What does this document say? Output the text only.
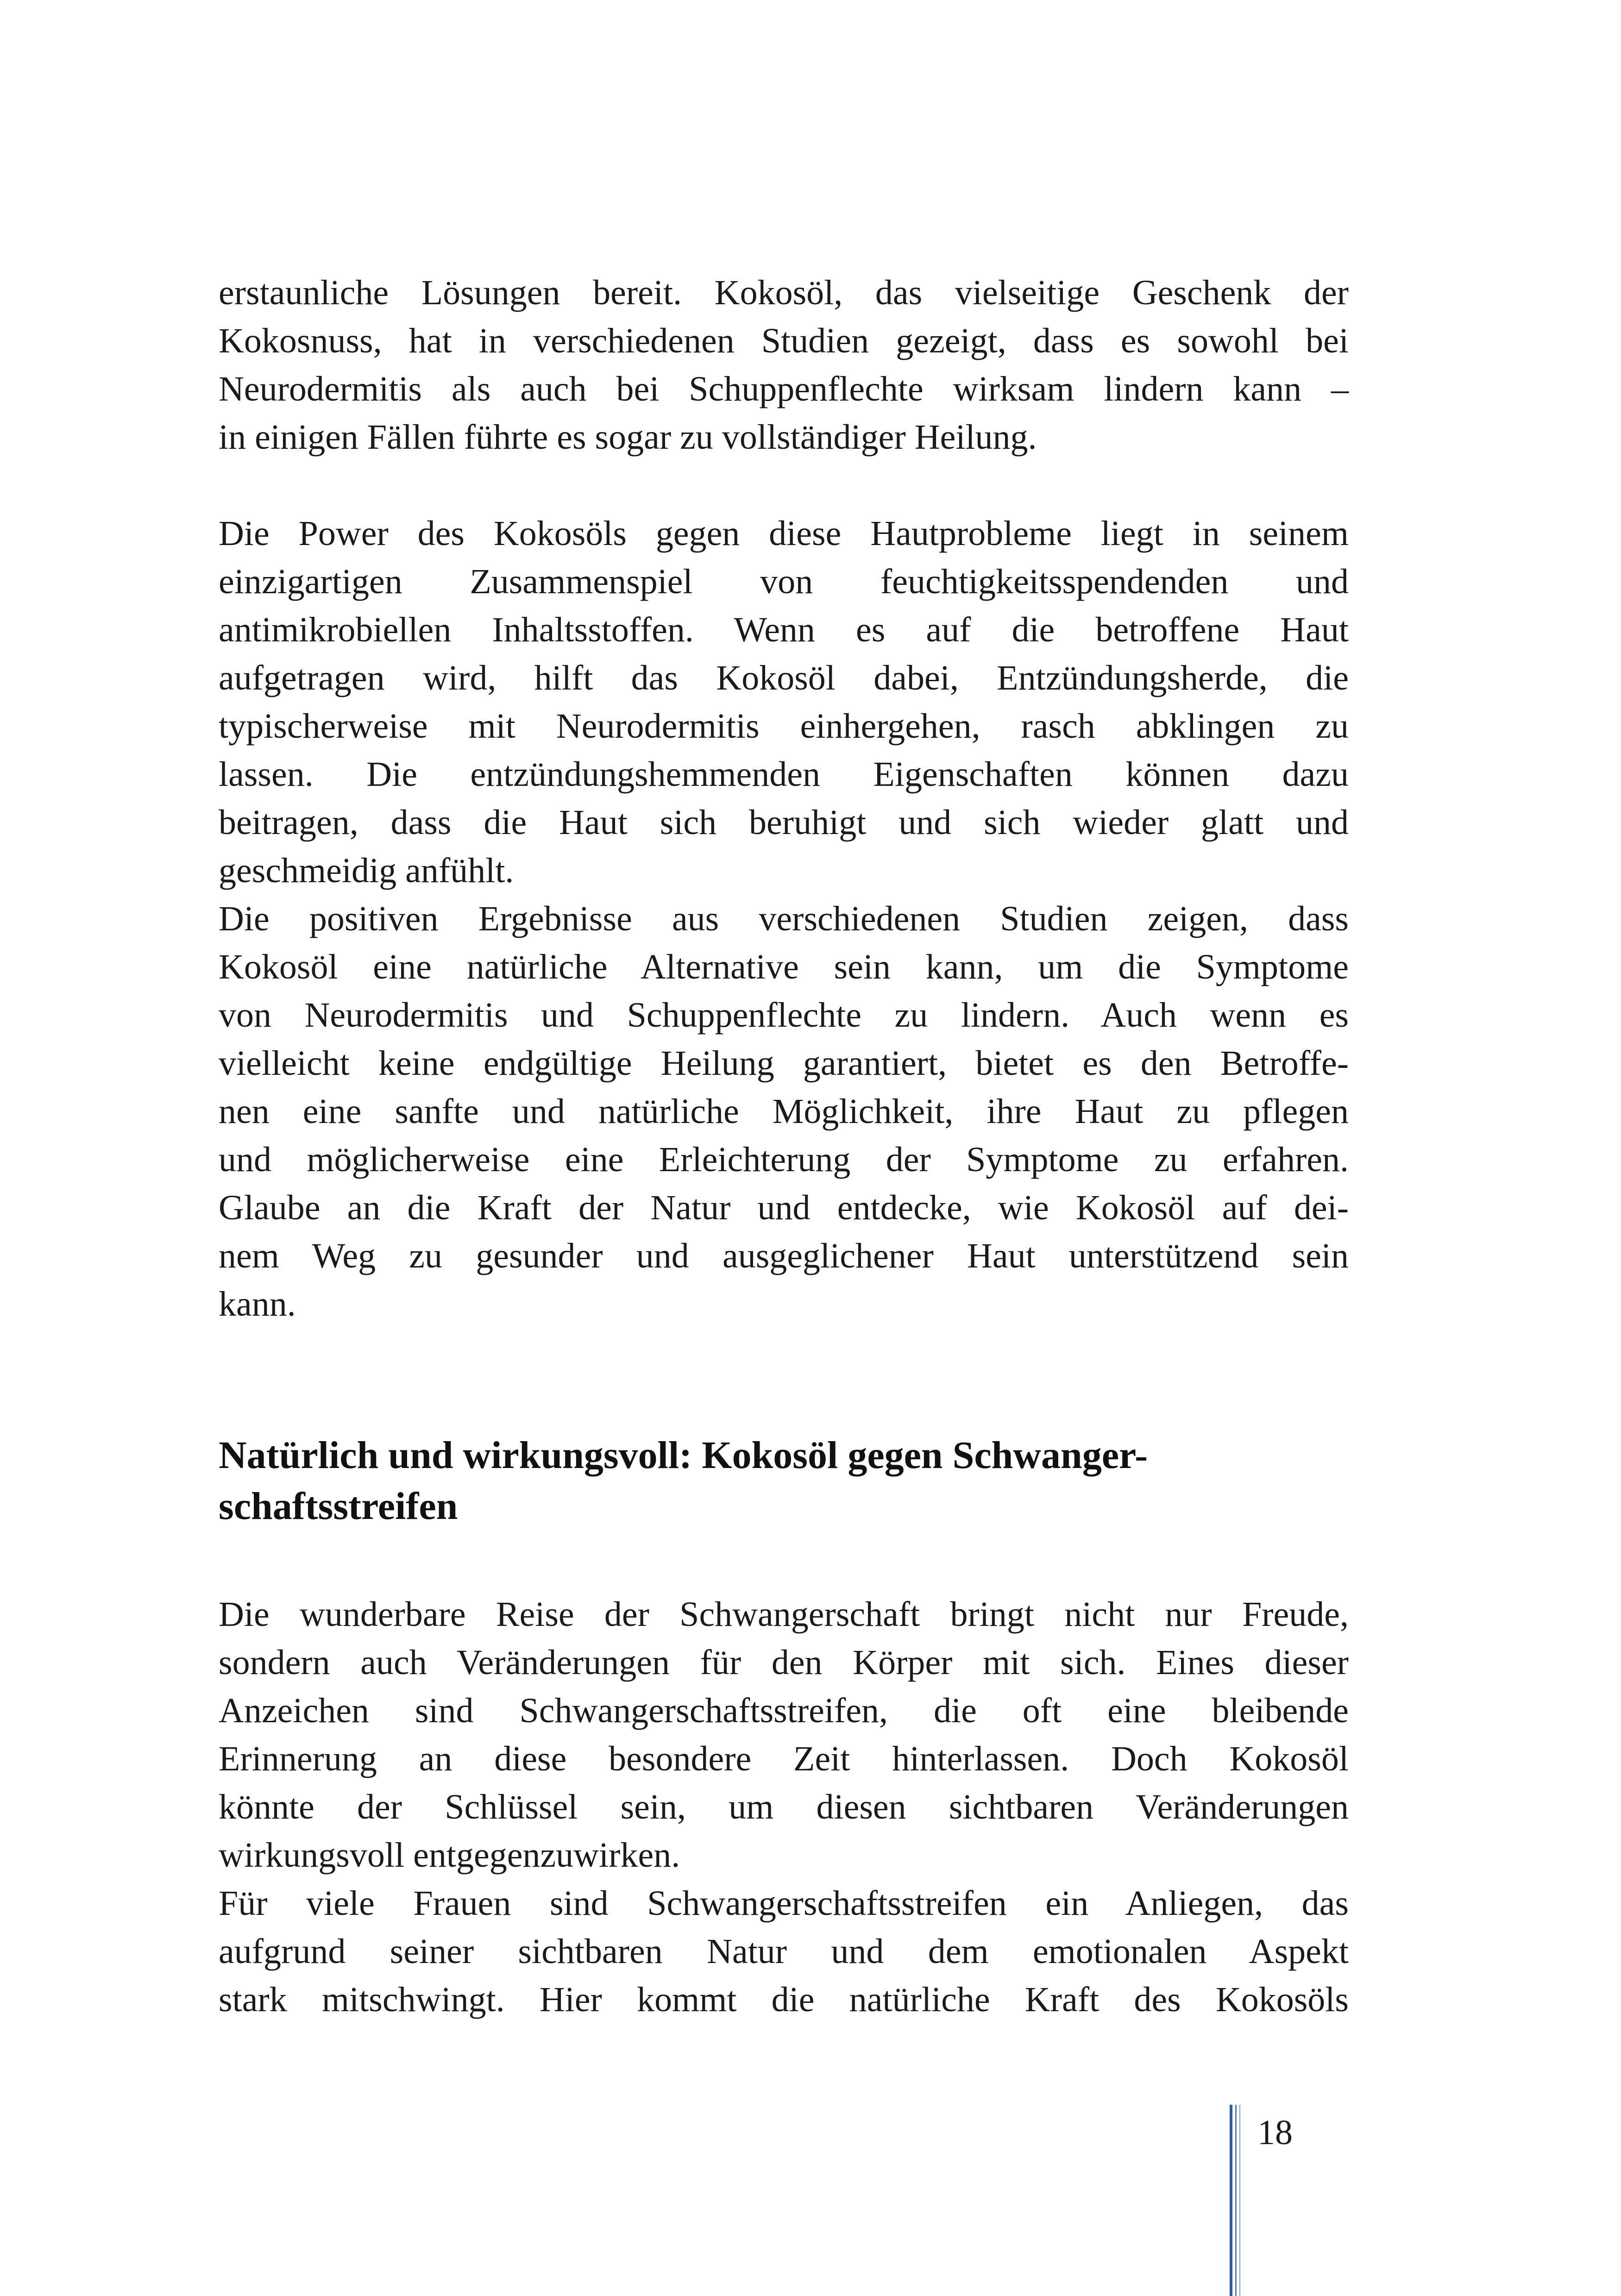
erstaunliche Lösungen bereit. Kokosöl, das vielseitige Geschenk der

Kokosnuss, hat in verschiedenen Studien gezeigt, dass es sowohl bei

Neurodermitis als auch bei Schuppenflechte wirksam lindern kann –

in einigen Fällen führte es sogar zu vollständiger Heilung.

Die Power des Kokosöls gegen diese Hautprobleme liegt in seinem

einzigartigen Zusammenspiel von feuchtigkeitsspendenden und

antimikrobiellen Inhaltsstoffen. Wenn es auf die betroffene Haut

aufgetragen wird, hilft das Kokosöl dabei, Entzündungsherde, die

typischerweise mit Neurodermitis einhergehen, rasch abklingen zu

lassen. Die entzündungshemmenden Eigenschaften können dazu

beitragen, dass die Haut sich beruhigt und sich wieder glatt und

geschmeidig anfühlt.

Die positiven Ergebnisse aus verschiedenen Studien zeigen, dass

Kokosöl eine natürliche Alternative sein kann, um die Symptome

von Neurodermitis und Schuppenflechte zu lindern. Auch wenn es

vielleicht keine endgültige Heilung garantiert, bietet es den Betroffe-

nen eine sanfte und natürliche Möglichkeit, ihre Haut zu pflegen

und möglicherweise eine Erleichterung der Symptome zu erfahren.

Glaube an die Kraft der Natur und entdecke, wie Kokosöl auf dei-

nem Weg zu gesunder und ausgeglichener Haut unterstützend sein

kann.

Natürlich und wirkungsvoll: Kokosöl gegen Schwanger-

schaftsstreifen

Die wunderbare Reise der Schwangerschaft bringt nicht nur Freude,

sondern auch Veränderungen für den Körper mit sich. Eines dieser

Anzeichen sind Schwangerschaftsstreifen, die oft eine bleibende

Erinnerung an diese besondere Zeit hinterlassen. Doch Kokosöl

könnte der Schlüssel sein, um diesen sichtbaren Veränderungen

wirkungsvoll entgegenzuwirken.

Für viele Frauen sind Schwangerschaftsstreifen ein Anliegen, das

aufgrund seiner sichtbaren Natur und dem emotionalen Aspekt

stark mitschwingt. Hier kommt die natürliche Kraft des Kokosöls

18
